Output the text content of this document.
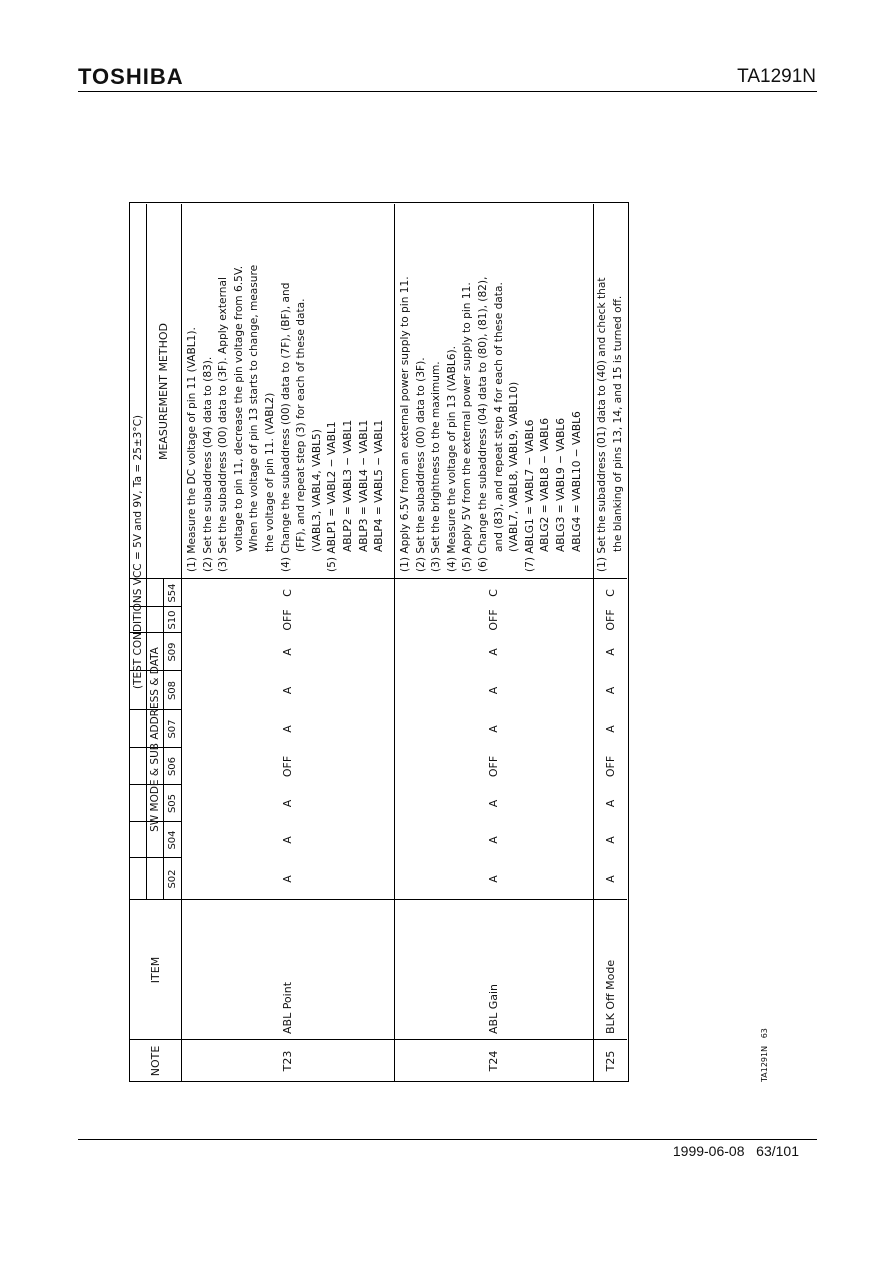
TOSHIBA	TA1291N
NOTE
ITEM
(TEST CONDITIONS VCC = 5V and 9V, Ta = 25±3°C)
SW MODE & SUB ADDRESS & DATA
MEASUREMENT METHOD
S02
S04
S05
S06
S07
S08
S09
S10
S54
T23
ABL Point
A
A
A
OFF
A
A
A
OFF
C
(1) Measure the DC voltage of pin 11 (VABL1). (2) Set the subaddress (04) data to (83). (3) Set the subaddress (00) data to (3F). Apply external voltage to pin 11, decrease the pin voltage from 6.5V. When the voltage of pin 13 starts to change, measure the voltage of pin 11. (VABL2) (4) Change the subaddress (00) data to (7F), (BF), and (FF), and repeat step (3) for each of these data. (VABL3, VABL4, VABL5) (5) ABLP1 = VABL2 − VABL1 ABLP2 = VABL3 − VABL1 ABLP3 = VABL4 − VABL1 ABLP4 = VABL5 − VABL1
T24
ABL Gain
A
A
A
OFF
A
A
A
OFF
C
(1) Apply 6.5V from an external power supply to pin 11. (2) Set the subaddress (00) data to (3F). (3) Set the brightness to the maximum. (4) Measure the voltage of pin 13 (VABL6). (5) Apply 5V from the external power supply to pin 11. (6) Change the subaddress (04) data to (80), (81), (82), and (83), and repeat step 4 for each of these data. (VABL7, VABL8, VABL9, VABL10) (7) ABLG1 = VABL7 − VABL6 ABLG2 = VABL8 − VABL6 ABLG3 = VABL9 − VABL6 ABLG4 = VABL10 − VABL6
T25
BLK Off Mode
A
A
A
OFF
A
A
A
OFF
C
(1) Set the subaddress (01) data to (40) and check that the blanking of pins 13, 14, and 15 is turned off.
TA1291N   63
1999-06-08 63/101
